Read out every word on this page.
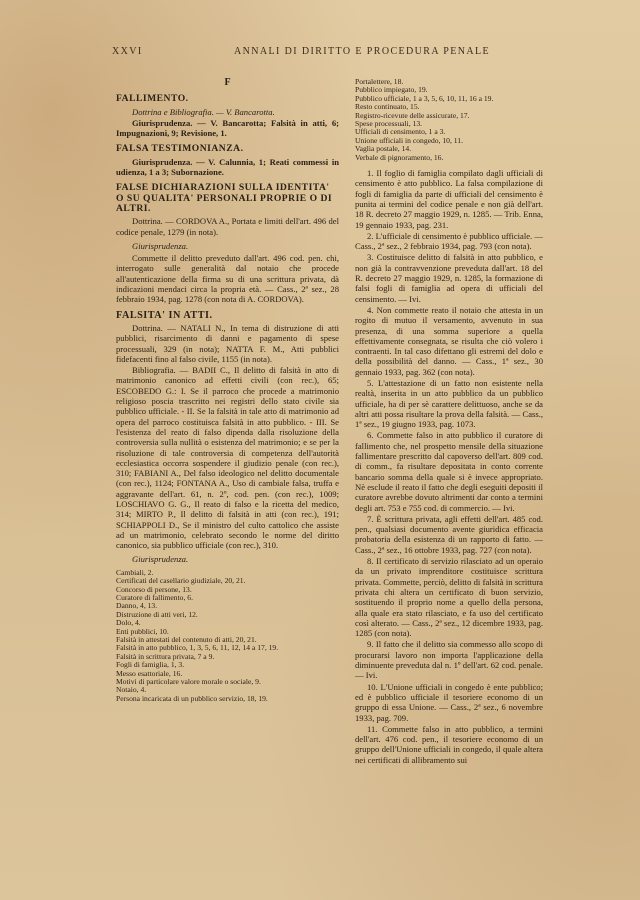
XXVI	ANNALI DI DIRITTO E PROCEDURA PENALE
F
FALLIMENTO.
Dottrina e Bibliografia. — V. Bancarotta.
Giurisprudenza. — V. Bancarotta; Falsità in atti, 6; Impugnazioni, 9; Revisione, 1.
FALSA TESTIMONIANZA.
Giurisprudenza. — V. Calunnia, 1; Reati commessi in udienza, 1 a 3; Subornazione.
FALSE DICHIARAZIONI SULLA IDENTITA' O SU QUALITA' PERSONALI PROPRIE O DI ALTRI.
Dottrina. — CORDOVA A., Portata e limiti dell'art. 496 del codice penale, 1279 (in nota).
Giurisprudenza.
Commette il delitto preveduto dall'art. 496 cod. pen. chi, interrogato sulle generalità dal notaio che procede all'autenticazione della firma su di una scrittura privata, dà indicazioni mendaci circa la propria età. — Cass., 2ª sez., 28 febbraio 1934, pag. 1278 (con nota di A. CORDOVA).
FALSITA' IN ATTI.
Dottrina. — NATALI N., In tema di distruzione di atti pubblici, risarcimento di danni e pagamento di spese processuali, 329 (in nota); NATTA F. M., Atti pubblici fidefacenti fino al falso civile, 1155 (in nota).
Bibliografia. — BADII C., Il delitto di falsità in atto di matrimonio canonico ad effetti civili (con rec.), 65; ESCOBEDO G.: I. Se il parroco che procede a matrimonio religioso poscia trascritto nei registri dello stato civile sia pubblico ufficiale. - II. Se la falsità in tale atto di matrimonio ad opera del parroco costituisca falsità in atto pubblico. - III. Se l'esistenza del reato di falso dipenda dalla risoluzione della controversia sulla nullità o esistenza del matrimonio; e se per la risoluzione di tale controversia di competenza dell'autorità ecclesiastica occorra sospendere il giudizio penale (con rec.), 310; FABIANI A., Del falso ideologico nel delitto documentale (con rec.), 1124; FONTANA A., Uso di cambiale falsa, truffa e aggravante dell'art. 61, n. 2º, cod. pen. (con rec.), 1009; LOSCHIAVO G. G., Il reato di falso e la ricetta del medico, 314; MIRTO P., Il delitto di falsità in atti (con rec.), 191; SCHIAPPOLI D., Se il ministro del culto cattolico che assiste ad un matrimonio, celebrato secondo le norme del diritto canonico, sia pubblico ufficiale (con rec.), 310.
Giurisprudenza.
Cambiali, 2.
Certificati del casellario giudiziale, 20, 21.
Concorso di persone, 13.
Curatore di fallimento, 6.
Danno, 4, 13.
Distruzione di atti veri, 12.
Dolo, 4.
Enti pubblici, 10.
Falsità in attestati del contenuto di atti, 20, 21.
Falsità in atto pubblico, 1, 3, 5, 6, 11, 12, 14 a 17, 19.
Falsità in scrittura privata, 7 a 9.
Fogli di famiglia, 1, 3.
Messo esattoriale, 16.
Motivi di particolare valore morale o sociale, 9.
Notaio, 4.
Persona incaricata di un pubblico servizio, 18, 19.
Portalettere, 18.
Pubblico impiegato, 19.
Pubblico ufficiale, 1 a 3, 5, 6, 10, 11, 16 a 19.
Resto continuato, 15.
Registro-ricevute delle assicurate, 17.
Spese processuali, 13.
Ufficiali di censimento, 1 a 3.
Unione ufficiali in congedo, 10, 11.
Vaglia postale, 14.
Verbale di pignoramento, 16.
1. Il foglio di famiglia compilato dagli ufficiali di censimento è atto pubblico. La falsa compilazione di fogli di famiglia da parte di ufficiali del censimento è punita ai termini del codice penale e non già dell'art. 18 R. decreto 27 maggio 1929, n. 1285. — Trib. Enna, 19 gennaio 1933, pag. 231.
2. L'ufficiale di censimento è pubblico ufficiale. — Cass., 2ª sez., 2 febbraio 1934, pag. 793 (con nota).
3. Costituisce delitto di falsità in atto pubblico, e non già la contravvenzione preveduta dall'art. 18 del R. decreto 27 maggio 1929, n. 1285, la formazione di falsi fogli di famiglia ad opera di ufficiali del censimento. — Ivi.
4. Non commette reato il notaio che attesta in un rogito di mutuo il versamento, avvenuto in sua presenza, di una somma superiore a quella effettivamente consegnata, se risulta che ciò volero i contraenti. In tal caso difettano gli estremi del dolo e della possibilità del danno. — Cass., 1ª sez., 30 gennaio 1933, pag. 362 (con nota).
5. L'attestazione di un fatto non esistente nella realtà, inserita in un atto pubblico da un pubblico ufficiale, ha di per sè carattere delittuoso, anche se da altri atti possa risultare la prova della falsità. — Cass., 1ª sez., 19 giugno 1933, pag. 1073.
6. Commette falso in atto pubblico il curatore di fallimento che, nel prospetto mensile della situazione fallimentare prescritto dal capoverso dell'art. 809 cod. di comm., fa risultare depositata in conto corrente bancario somma della quale si è invece appropriato. Nè esclude il reato il fatto che degli eseguiti depositi il curatore avrebbe dovuto altrimenti dar conto a termini degli art. 753 e 755 cod. di commercio. — Ivi.
7. È scrittura privata, agli effetti dell'art. 485 cod. pen., qualsiasi documento avente giuridica efficacia probatoria della esistenza di un rapporto di fatto. — Cass., 2ª sez., 16 ottobre 1933, pag. 727 (con nota).
8. Il certificato di servizio rilasciato ad un operaio da un privato imprenditore costituisce scrittura privata. Commette, perciò, delitto di falsità in scrittura privata chi altera un certificato di buon servizio, sostituendo il proprio nome a quello della persona, alla quale era stato rilasciato, e fa uso del certificato così alterato. — Cass., 2ª sez., 12 dicembre 1933, pag. 1285 (con nota).
9. Il fatto che il delitto sia commesso allo scopo di procurarsi lavoro non importa l'applicazione della diminuente preveduta dal n. 1º dell'art. 62 cod. penale. — Ivi.
10. L'Unione ufficiali in congedo è ente pubblico; ed è pubblico ufficiale il tesoriere economo di un gruppo di essa Unione. — Cass., 2ª sez., 6 novembre 1933, pag. 709.
11. Commette falso in atto pubblico, a termini dell'art. 476 cod. pen., il tesoriere economo di un gruppo dell'Unione ufficiali in congedo, il quale altera nei certificati di allibramento sui
